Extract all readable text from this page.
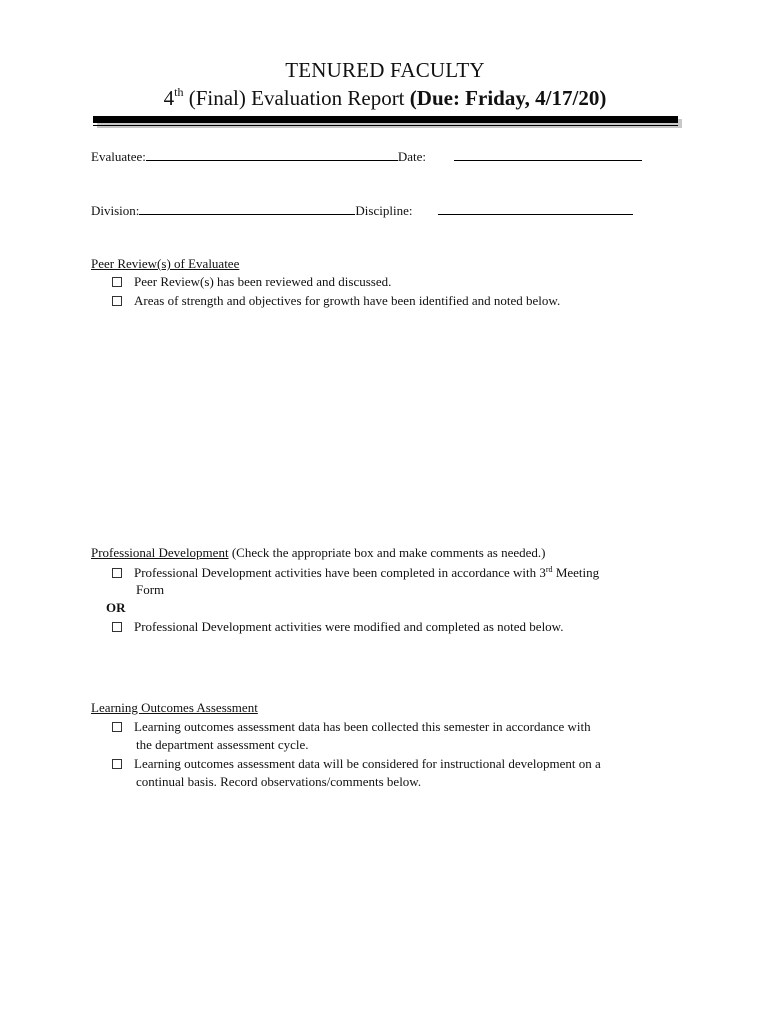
TENURED FACULTY
4th (Final) Evaluation Report (Due: Friday, 4/17/20)
Evaluatee:	Date:
Division:	Discipline:
Peer Review(s) of Evaluatee
Peer Review(s) has been reviewed and discussed.
Areas of strength and objectives for growth have been identified and noted below.
Professional Development (Check the appropriate box and make comments as needed.)
Professional Development activities have been completed in accordance with 3rd Meeting
Form
OR
Professional Development activities were modified and completed as noted below.
Learning Outcomes Assessment
Learning outcomes assessment data has been collected this semester in accordance with
the department assessment cycle.
Learning outcomes assessment data will be considered for instructional development on a
continual basis. Record observations/comments below.
